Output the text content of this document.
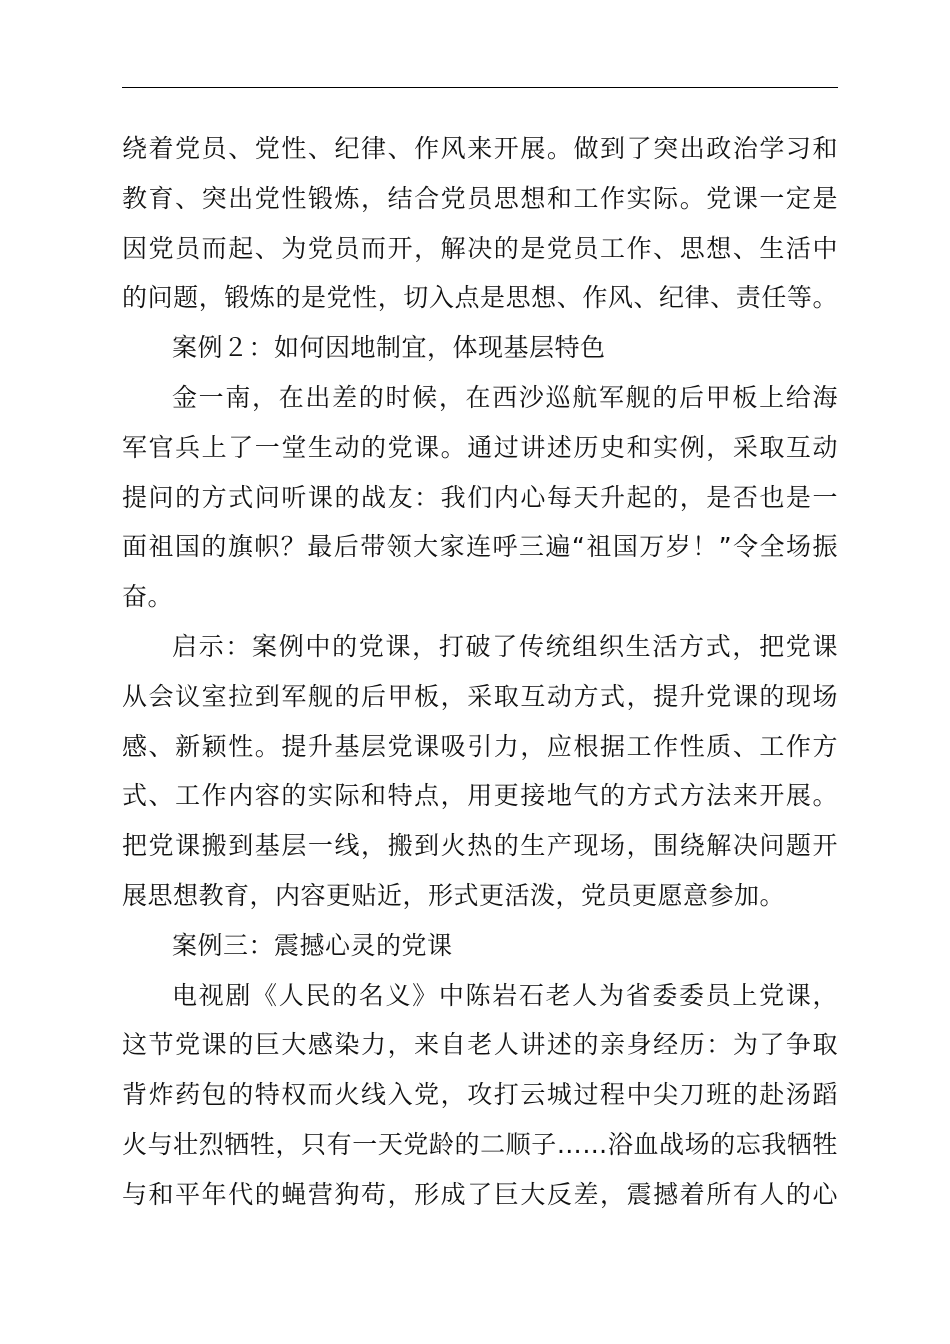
绕着党员、党性、纪律、作风来开展。做到了突出政治学习和
教育、突出党性锻炼，结合党员思想和工作实际。党课一定是
因党员而起、为党员而开，解决的是党员工作、思想、生活中
的问题，锻炼的是党性，切入点是思想、作风、纪律、责任等。
案例２：如何因地制宜，体现基层特色
金一南，在出差的时候，在西沙巡航军舰的后甲板上给海
军官兵上了一堂生动的党课。通过讲述历史和实例，采取互动
提问的方式问听课的战友：我们内心每天升起的，是否也是一
面祖国的旗帜？最后带领大家连呼三遍“祖国万岁！”令全场振
奋。
启示：案例中的党课，打破了传统组织生活方式，把党课
从会议室拉到军舰的后甲板，采取互动方式，提升党课的现场
感、新颖性。提升基层党课吸引力，应根据工作性质、工作方
式、工作内容的实际和特点，用更接地气的方式方法来开展。
把党课搬到基层一线，搬到火热的生产现场，围绕解决问题开
展思想教育，内容更贴近，形式更活泼，党员更愿意参加。
案例三：震撼心灵的党课
电视剧《人民的名义》中陈岩石老人为省委委员上党课，
这节党课的巨大感染力，来自老人讲述的亲身经历：为了争取
背炸药包的特权而火线入党，攻打云城过程中尖刀班的赴汤蹈
火与壮烈牺牲，只有一天党龄的二顺子……浴血战场的忘我牺牲
与和平年代的蝇营狗苟，形成了巨大反差，震撼着所有人的心
